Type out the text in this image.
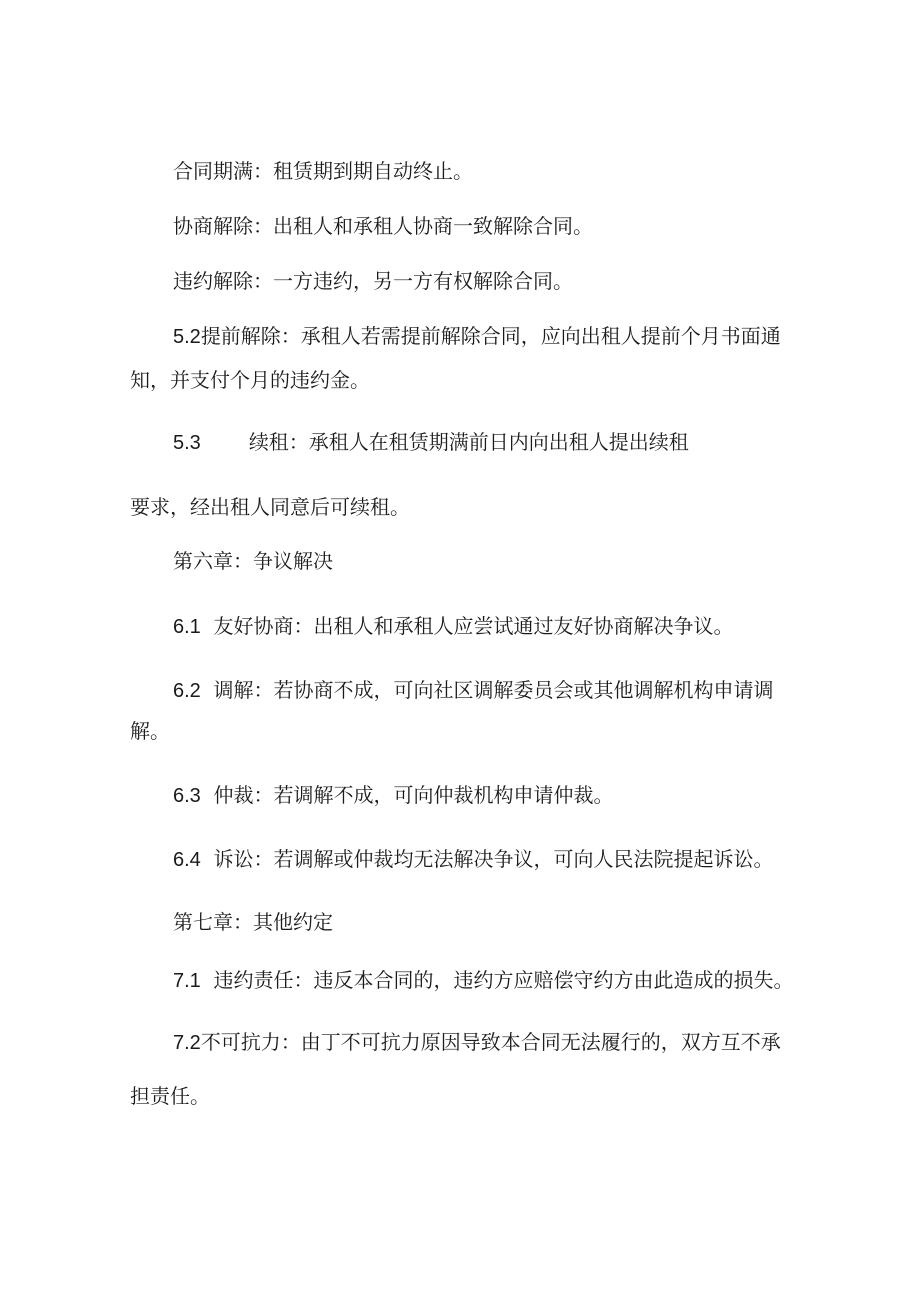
合同期满：租赁期到期自动终止。
协商解除：出租人和承租人协商一致解除合同。
违约解除：一方违约，另一方有权解除合同。
5.2提前解除：承租人若需提前解除合同，应向出租人提前个月书面通
知，并支付个月的违约金。
5.3 续租：承租人在租赁期满前日内向出租人提出续租
要求，经出租人同意后可续租。
第六章：争议解决
6.1 友好协商：出租人和承租人应尝试通过友好协商解决争议。
6.2 调解：若协商不成，可向社区调解委员会或其他调解机构申请调
解。
6.3 仲裁：若调解不成，可向仲裁机构申请仲裁。
6.4 诉讼：若调解或仲裁均无法解决争议，可向人民法院提起诉讼。
第七章：其他约定
7.1 违约责任：违反本合同的，违约方应赔偿守约方由此造成的损失。
7.2不可抗力：由丁不可抗力原因导致本合同无法履行的，双方互不承
担责任。
